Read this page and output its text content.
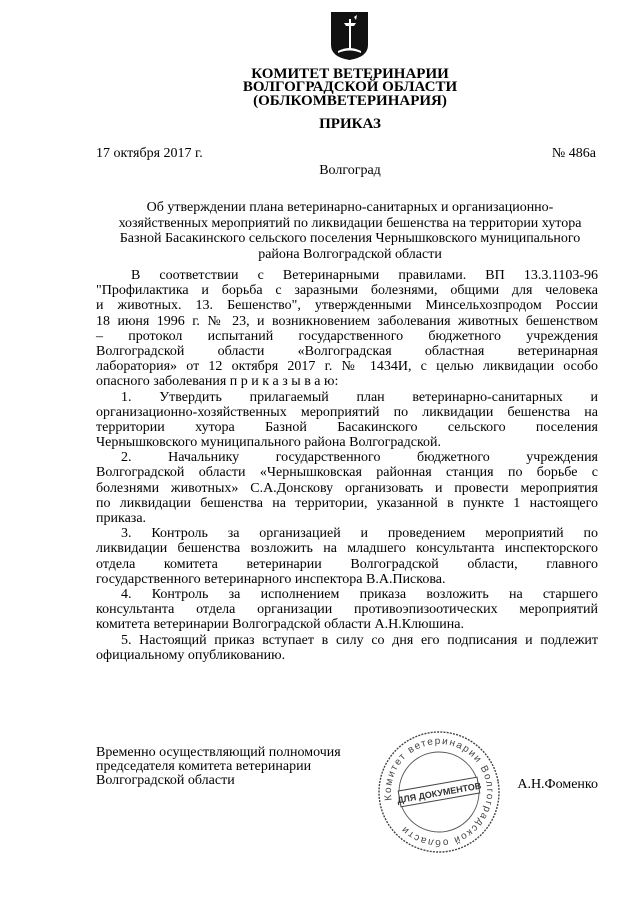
КОМИТЕТ ВЕТЕРИНАРИИ
ВОЛГОГРАДСКОЙ ОБЛАСТИ
(ОБЛКОМВЕТЕРИНАРИЯ)
ПРИКАЗ
17 октября 2017 г.	№ 486а
Волгоград
Об утверждении плана ветеринарно-санитарных и организационно-
хозяйственных мероприятий по ликвидации бешенства на территории хутора
Базной Басакинского сельского поселения Чернышковского муниципального
района Волгоградской области
В соответствии с Ветеринарными правилами. ВП 13.3.1103-96
"Профилактика и борьба с заразными болезнями, общими для человека
и животных. 13. Бешенство", утвержденными Минсельхозпродом России
18 июня 1996 г. № 23, и возникновением заболевания животных бешенством
– протокол испытаний государственного бюджетного учреждения
Волгоградской области «Волгоградская областная ветеринарная
лаборатория» от 12 октября 2017 г. № 1434И, с целью ликвидации особо
опасного заболевания п р и к а з ы в а ю:
1. Утвердить прилагаемый план ветеринарно-санитарных и
организационно-хозяйственных мероприятий по ликвидации бешенства на
территории хутора Базной Басакинского сельского поселения
Чернышковского муниципального района Волгоградской.
2. Начальнику государственного бюджетного учреждения
Волгоградской области «Чернышковская районная станция по борьбе с
болезнями животных» С.А.Донскову организовать и провести мероприятия
по ликвидации бешенства на территории, указанной в пункте 1 настоящего
приказа.
3. Контроль за организацией и проведением мероприятий по
ликвидации бешенства возложить на младшего консультанта инспекторского
отдела комитета ветеринарии Волгоградской области, главного
государственного ветеринарного инспектора В.А.Пискова.
4. Контроль за исполнением приказа возложить на старшего
консультанта отдела организации противоэпизоотических мероприятий
комитета ветеринарии Волгоградской области А.Н.Клюшина.
5. Настоящий приказ вступает в силу со дня его подписания и подлежит
официальному опубликованию.
Временно осуществляющий полномочия
председателя комитета ветеринарии
Волгоградской области	А.Н.Фоменко
Комитет ветеринарии Волгоградской области
ДЛЯ ДОКУМЕНТОВ
